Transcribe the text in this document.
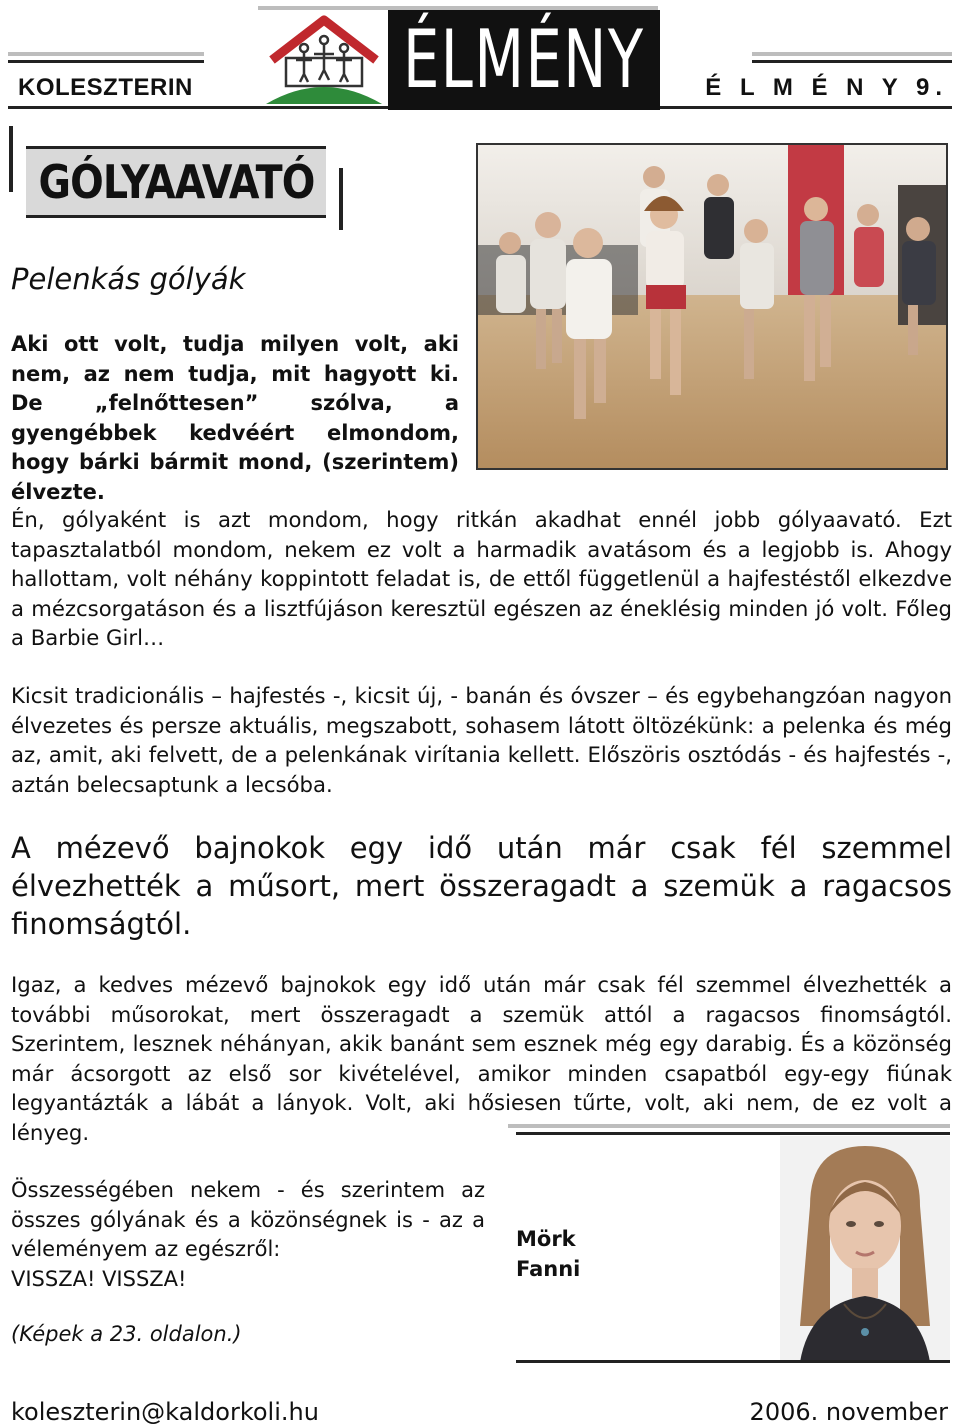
KOLESZTERIN	É L M É N Y 9.
ÉLMÉNY
GÓLYAAVATÓ
Pelenkás gólyák
Aki ott volt, tudja milyen volt, aki nem, az nem tudja, mit hagyott ki. De „felnőttesen” szólva, a gyengébbek kedvéért elmondom, hogy bárki bármit mond, (szerintem) élvezte.
Én, gólyaként is azt mondom, hogy ritkán akadhat ennél jobb gólyaavató. Ezt tapasztalatból mondom, nekem ez volt a harmadik avatásom és a legjobb is. Ahogy hallottam, volt néhány koppintott feladat is, de ettől függetlenül a hajfestéstől elkezdve a mézcsorgatáson és a lisztfújáson keresztül egészen az éneklésig minden jó volt. Főleg a Barbie Girl…
Kicsit tradicionális – hajfestés -, kicsit új, - banán és óvszer – és egybehangzóan nagyon élvezetes és persze aktuális, megszabott, sohasem látott öltözékünk: a pelenka és még az, amit, aki felvett, de a pelenkának virítania kellett. Előszöris osztódás - és hajfestés -, aztán belecsaptunk a lecsóba.
A mézevő bajnokok egy idő után már csak fél szemmel élvezhették a műsort, mert összeragadt a szemük a ragacsos finomságtól.
Igaz, a kedves mézevő bajnokok egy idő után már csak fél szemmel élvezhették a további műsorokat, mert összeragadt a szemük attól a ragacsos finomságtól. Szerintem, lesznek néhányan, akik banánt sem esznek még egy darabig. És a közönség már ácsorgott az első sor kivételével, amikor minden csapatból egy-egy fiúnak legyantázták a lábát a lányok. Volt, aki hősiesen tűrte, volt, aki nem, de ez volt a lényeg.
Összességében nekem - és szerintem az összes gólyának és a közönségnek is - az a véleményem az egészről:
VISSZA! VISSZA!
Mörk
Fanni
(Képek a 23. oldalon.)
koleszterin@kaldorkoli.hu	2006. november
